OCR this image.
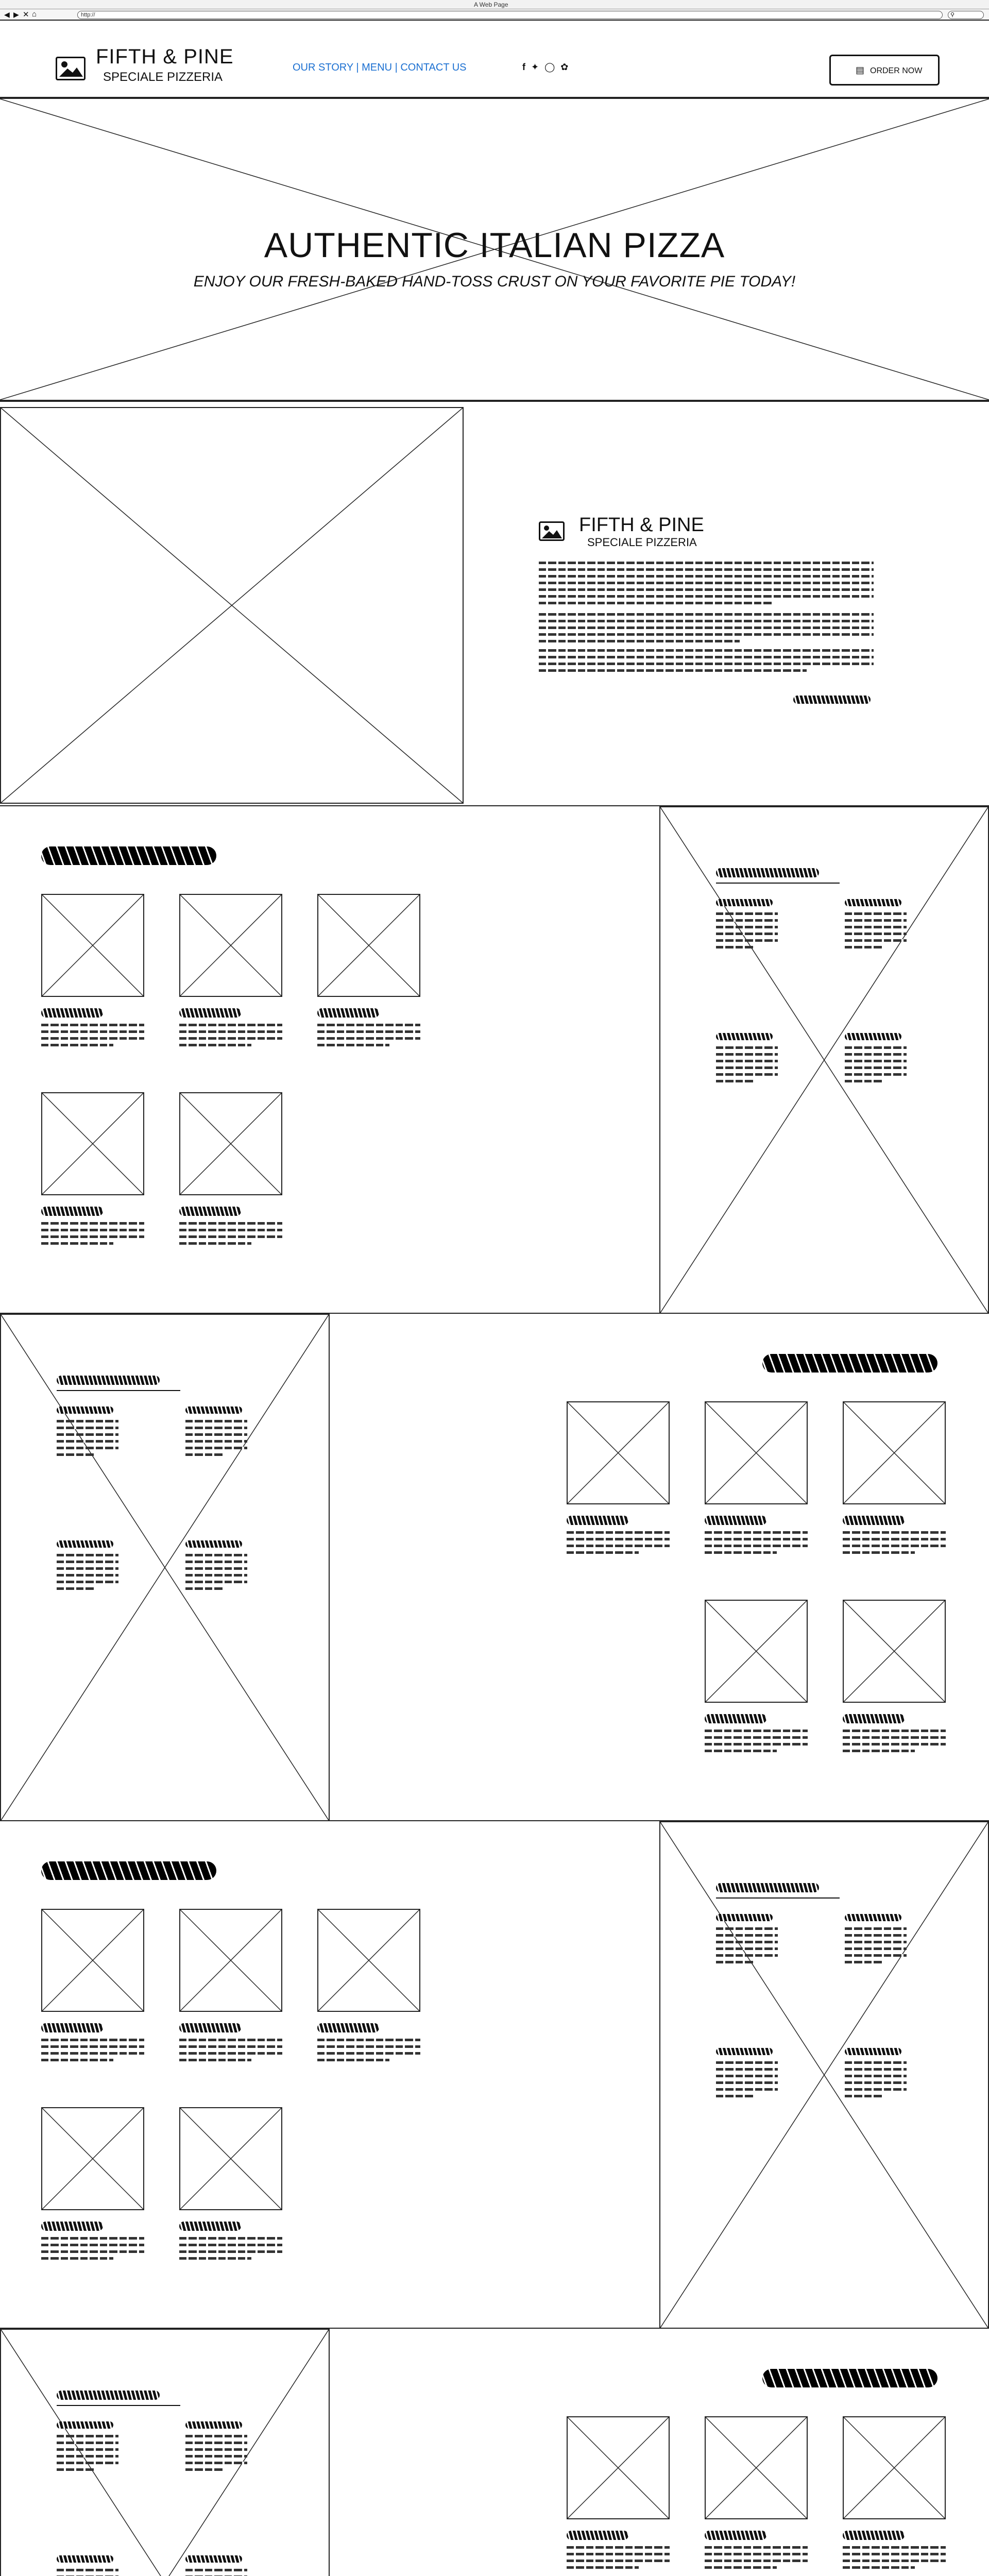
A Web Page
◀ ▶ ✕ ⌂	http://	⚲
FIFTH & PINE
SPECIALE PIZZERIA
OUR STORY | MENU | CONTACT US	f ✦ ◯ ✿	▤ ORDER NOW
AUTHENTIC ITALIAN PIZZA
ENJOY OUR FRESH-BAKED HAND-TOSS CRUST ON YOUR FAVORITE PIE TODAY!
FIFTH & PINE
SPECIALE PIZZERIA
